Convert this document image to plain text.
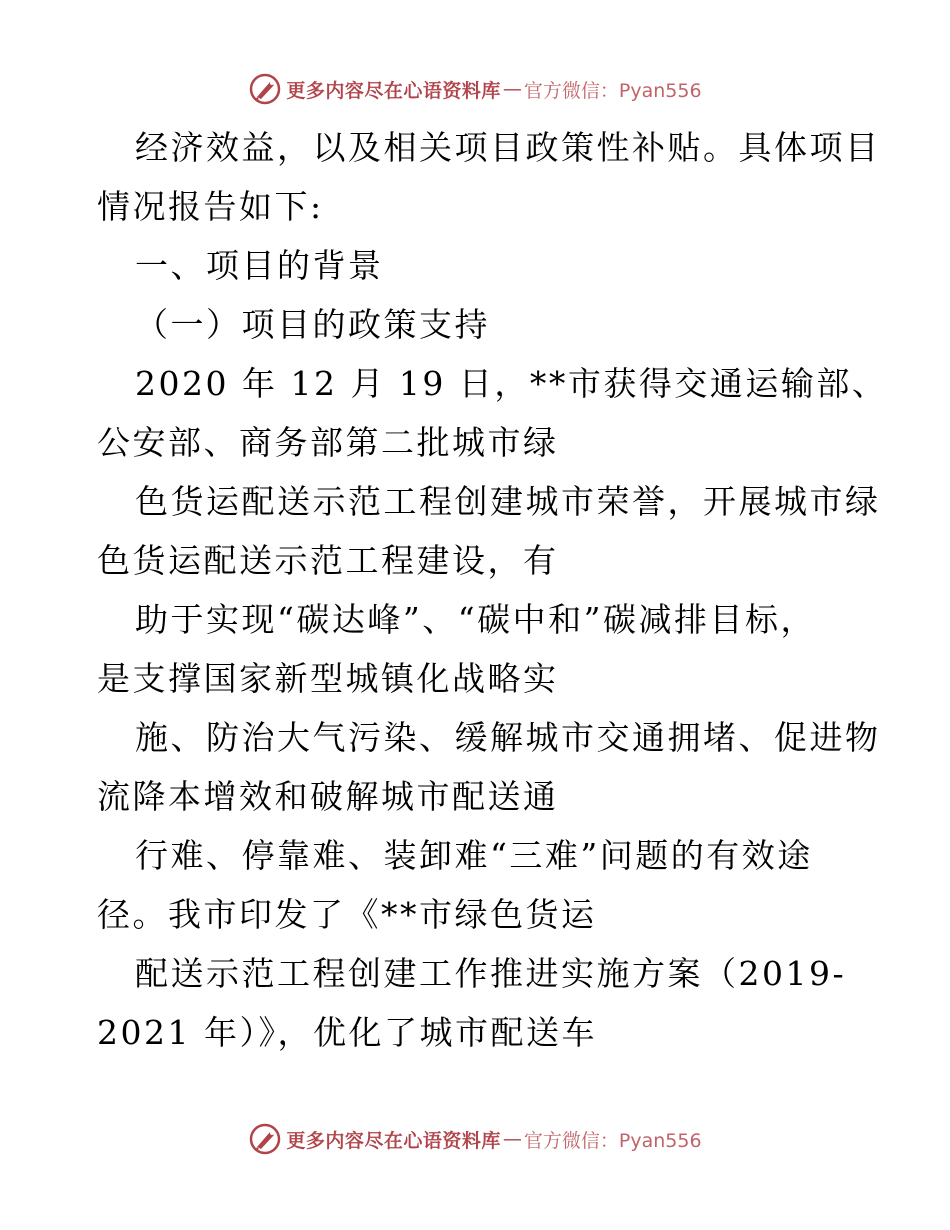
更多内容尽在心语资料库 — 官方微信：Pyan556
经济效益，以及相关项目政策性补贴。具体项目
情况报告如下:
一、项目的背景
（一）项目的政策支持
2020 年 12 月 19 日，**市获得交通运输部、
公安部、商务部第二批城市绿
色货运配送示范工程创建城市荣誉，开展城市绿
色货运配送示范工程建设，有
助于实现“碳达峰”、“碳中和”碳减排目标，
是支撑国家新型城镇化战略实
施、防治大气污染、缓解城市交通拥堵、促进物
流降本增效和破解城市配送通
行难、停靠难、装卸难“三难”问题的有效途
径。我市印发了《**市绿色货运
配送示范工程创建工作推进实施方案（2019-
2021 年）》，优化了城市配送车
更多内容尽在心语资料库 — 官方微信：Pyan556
